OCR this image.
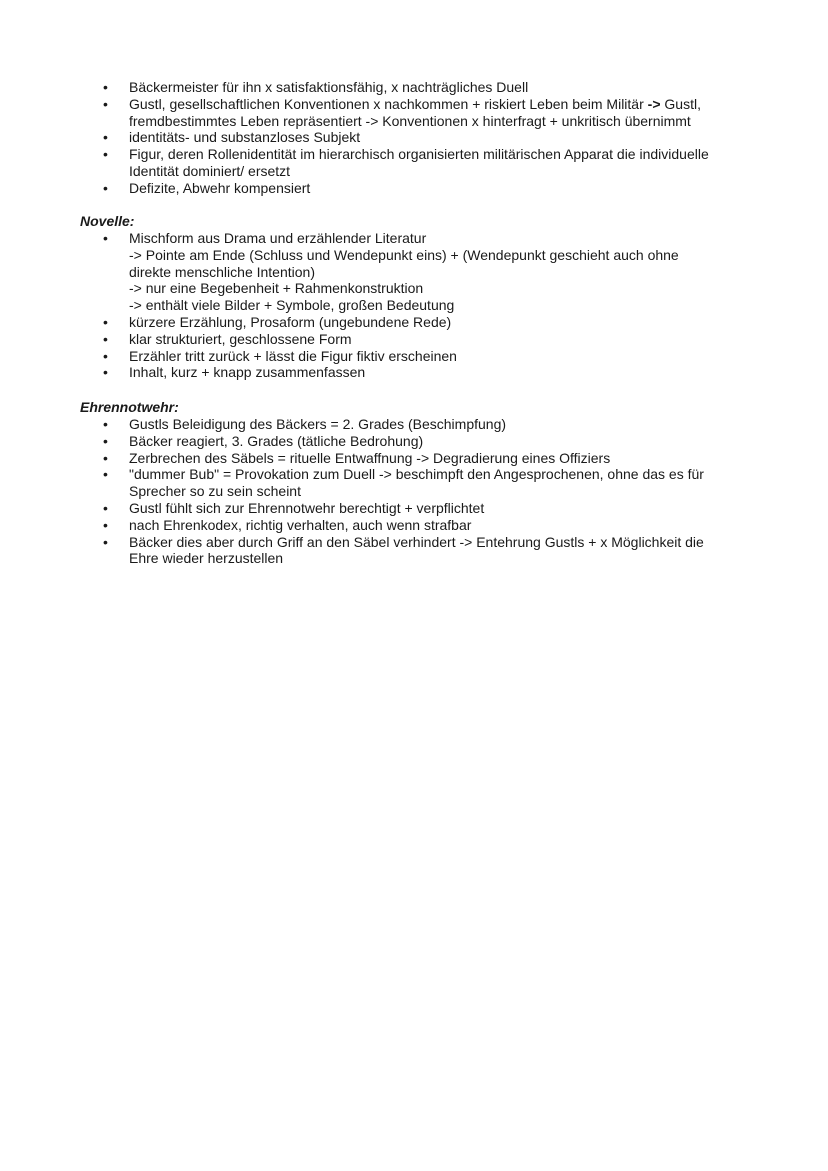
• Bäckermeister für ihn x satisfaktionsfähig, x nachträgliches Duell
• Gustl, gesellschaftlichen Konventionen x nachkommen + riskiert Leben beim Militär -> Gustl,
fremdbestimmtes Leben repräsentiert -> Konventionen x hinterfragt + unkritisch übernimmt
• identitäts- und substanzloses Subjekt
• Figur, deren Rollenidentität im hierarchisch organisierten militärischen Apparat die individuelle
Identität dominiert/ ersetzt
• Defizite, Abwehr kompensiert

Novelle:

• Mischform aus Drama und erzählender Literatur
-> Pointe am Ende (Schluss und Wendepunkt eins) + (Wendepunkt geschieht auch ohne
direkte menschliche Intention)
-> nur eine Begebenheit + Rahmenkonstruktion
-> enthält viele Bilder + Symbole, großen Bedeutung
• kürzere Erzählung, Prosaform (ungebundene Rede)
• klar strukturiert, geschlossene Form
• Erzähler tritt zurück + lässt die Figur fiktiv erscheinen
• Inhalt, kurz + knapp zusammenfassen

Ehrennotwehr:

• Gustls Beleidigung des Bäckers = 2. Grades (Beschimpfung)
• Bäcker reagiert, 3. Grades (tätliche Bedrohung)
• Zerbrechen des Säbels = rituelle Entwaffnung -> Degradierung eines Offiziers
• "dummer Bub" = Provokation zum Duell -> beschimpft den Angesprochenen, ohne das es für
Sprecher so zu sein scheint
• Gustl fühlt sich zur Ehrennotwehr berechtigt + verpflichtet
• nach Ehrenkodex, richtig verhalten, auch wenn strafbar
• Bäcker dies aber durch Griff an den Säbel verhindert -> Entehrung Gustls + x Möglichkeit die
Ehre wieder herzustellen
